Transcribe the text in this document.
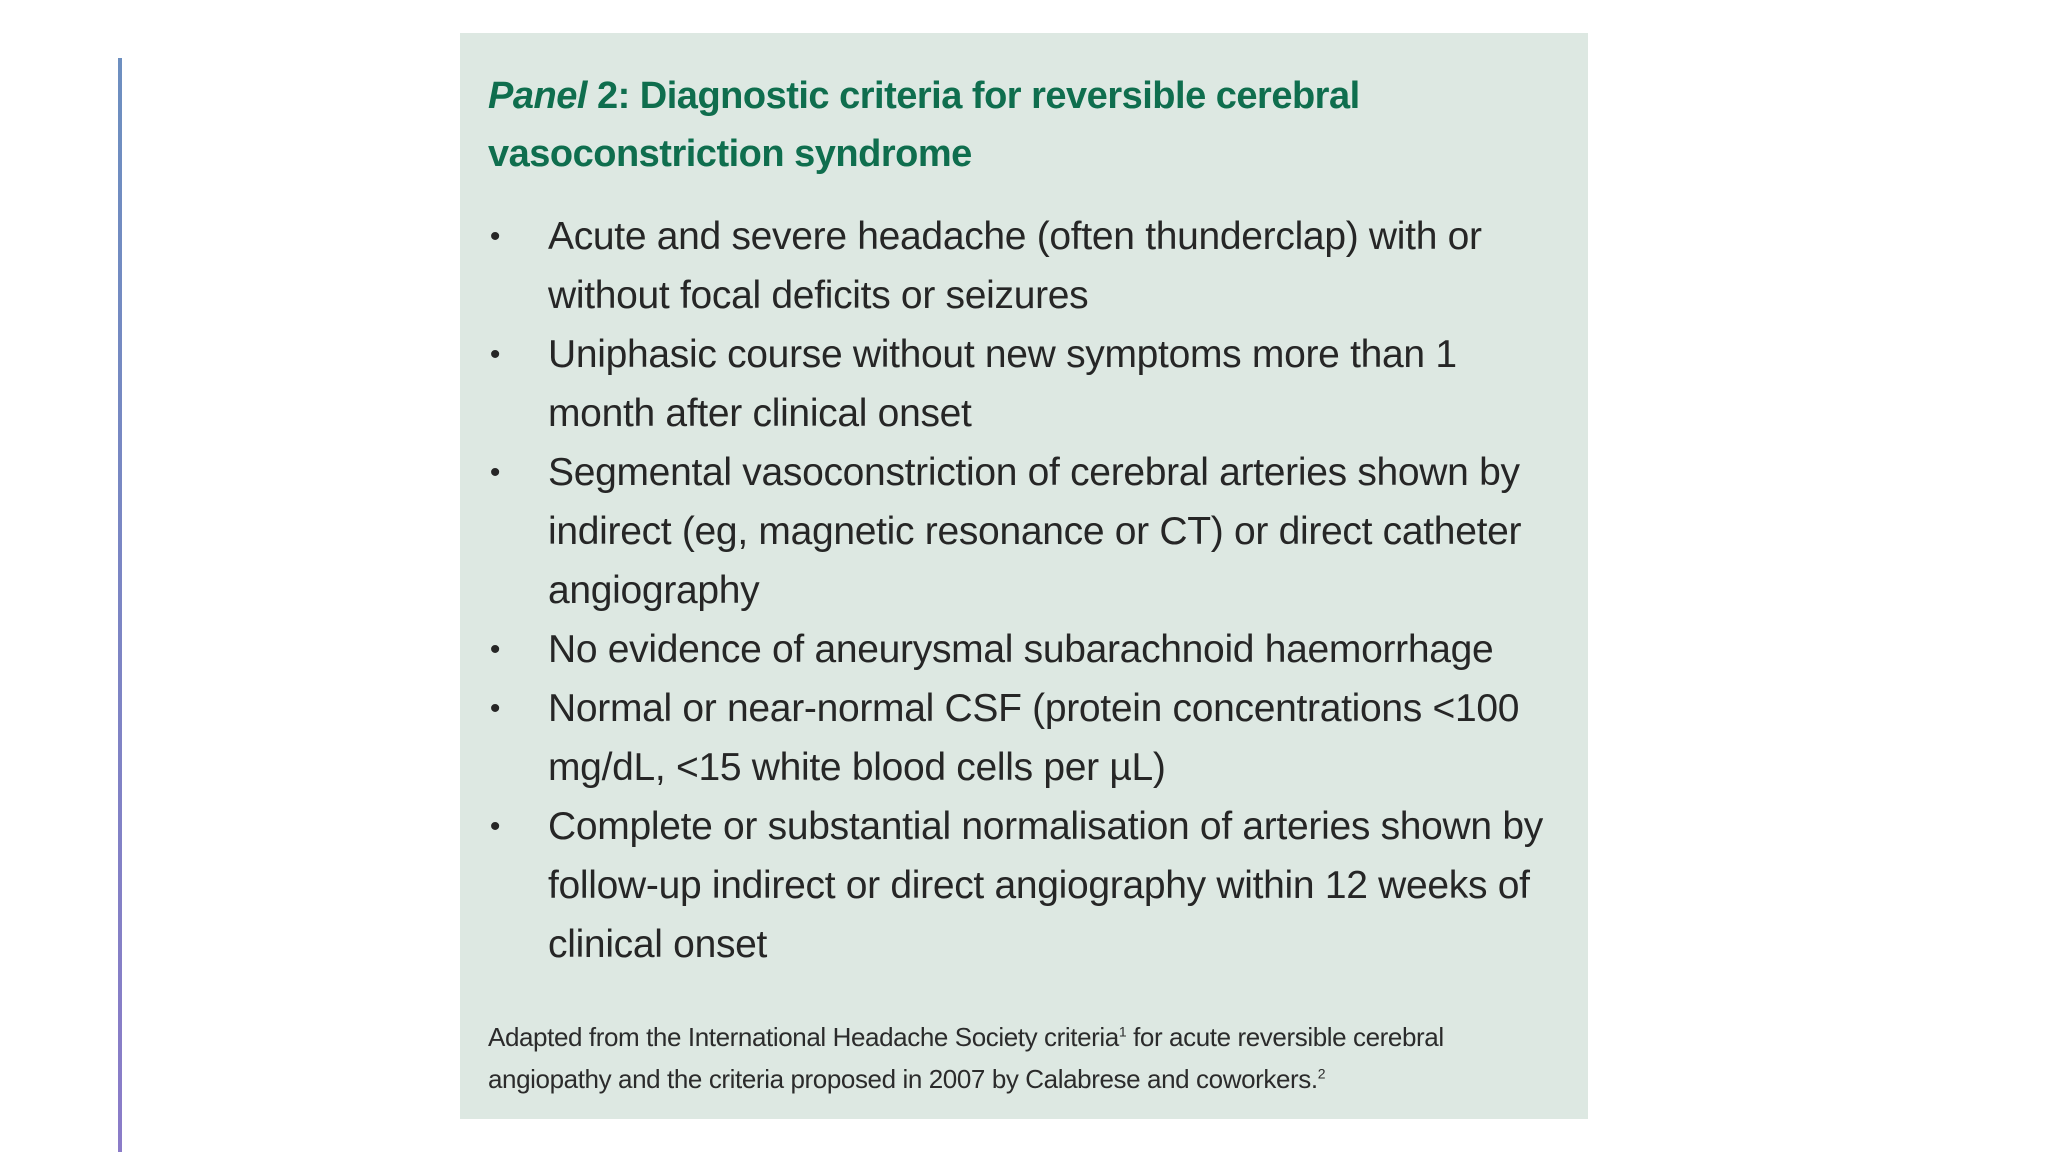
Panel 2: Diagnostic criteria for reversible cerebral vasoconstriction syndrome
• Acute and severe headache (often thunderclap) with or without focal deficits or seizures
• Uniphasic course without new symptoms more than 1 month after clinical onset
• Segmental vasoconstriction of cerebral arteries shown by indirect (eg, magnetic resonance or CT) or direct catheter angiography
• No evidence of aneurysmal subarachnoid haemorrhage
• Normal or near-normal CSF (protein concentrations <100 mg/dL, <15 white blood cells per µL)
• Complete or substantial normalisation of arteries shown by follow-up indirect or direct angiography within 12 weeks of clinical onset

Adapted from the International Headache Society criteria$^1$ for acute reversible cerebral angiopathy and the criteria proposed in 2007 by Calabrese and coworkers.$^2$
